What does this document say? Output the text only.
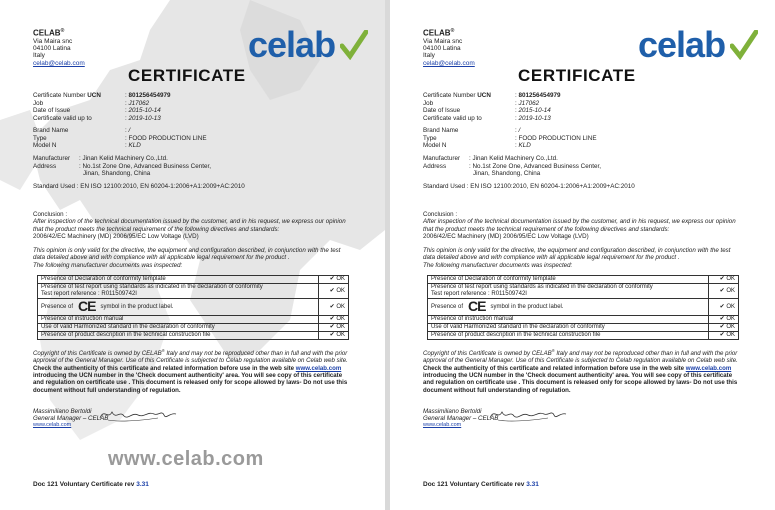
CELAB®
Via Maira snc
04100 Latina
Italy
celab@celab.com	celab
CERTIFICATE
Certificate Number UCN	: 801256454979
Job	: J17062
Date of Issue	: 2015-10-14
Certificate valid up to	: 2019-10-13
Brand Name	: /
Type	: FOOD PRODUCTION LINE
Model N	: KLD
Manufacturer	: Jinan Kelid Machinery Co.,Ltd.
Address	: No.1st Zone One, Advanced Business Center,
Jinan, Shandong, China
Standard Used : EN ISO 12100:2010, EN 60204-1:2006+A1:2009+AC:2010
Conclusion :
After inspection of the technical documentation issued by the customer, and in his request, we express our opinion that the product meets the technical requirement of the following directives and standards:
2006/42/EC Machinery (MD) 2006/95/EC Low Voltage (LVD)
This opinion is only valid for the directive, the equipment and configuration described, in conjunction with the test data detailed above and with compliance with all applicable legal requirement for the product .
The following manufacturer documents was inspected:
Presence of Declaration of conformity template	✔ OK

Presence of test report using standards as indicated in the declaration of conformity
Test report reference : R011509742I	✔ OK
Presence of CE symbol in the product label.	✔ OK
Presence of instruction manual	✔ OK
Use of valid Harmonized standard in the declaration of conformity	✔ OK
Presence of product description in the technical construction file	✔ OK
Copyright of this Certificate is owned by CELAB® Italy and may not be reproduced other than in full and with the prior approval of the General Manager. Use of this Certificate is subjected to Celab regulation available on Celab web site.
Check the authenticity of this certificate and related information before use in the web site www.celab.com introducing the UCN number in the 'Check document authenticity' area. You will see copy of this certificate and regulation on certificate use . This document is released only for scope allowed by laws- Do not use this document without full understanding of regulation.
Massimiliano Bertoldi
General Manager – CELAB
www.celab.com
www.celab.com
Doc 121 Voluntary Certificate rev 3.31
CELAB®
Via Maira snc
04100 Latina
Italy
celab@celab.com	celab
CERTIFICATE
Certificate Number UCN	: 801256454979
Job	: J17062
Date of Issue	: 2015-10-14
Certificate valid up to	: 2019-10-13
Brand Name	: /
Type	: FOOD PRODUCTION LINE
Model N	: KLD
Manufacturer	: Jinan Kelid Machinery Co.,Ltd.
Address	: No.1st Zone One, Advanced Business Center,
Jinan, Shandong, China
Standard Used : EN ISO 12100:2010, EN 60204-1:2006+A1:2009+AC:2010
Conclusion :
After inspection of the technical documentation issued by the customer, and in his request, we express our opinion that the product meets the technical requirement of the following directives and standards:
2006/42/EC Machinery (MD) 2006/95/EC Low Voltage (LVD)
This opinion is only valid for the directive, the equipment and configuration described, in conjunction with the test data detailed above and with compliance with all applicable legal requirement for the product .
The following manufacturer documents was inspected:
Presence of Declaration of conformity template	✔ OK

Presence of test report using standards as indicated in the declaration of conformity
Test report reference : R011509742I	✔ OK
Presence of CE symbol in the product label.	✔ OK
Presence of instruction manual	✔ OK
Use of valid Harmonized standard in the declaration of conformity	✔ OK
Presence of product description in the technical construction file	✔ OK
Copyright of this Certificate is owned by CELAB® Italy and may not be reproduced other than in full and with the prior approval of the General Manager. Use of this Certificate is subjected to Celab regulation available on Celab web site.
Check the authenticity of this certificate and related information before use in the web site www.celab.com introducing the UCN number in the 'Check document authenticity' area. You will see copy of this certificate and regulation on certificate use . This document is released only for scope allowed by laws- Do not use this document without full understanding of regulation.
Massimiliano Bertoldi
General Manager – CELAB
www.celab.com
Doc 121 Voluntary Certificate rev 3.31
